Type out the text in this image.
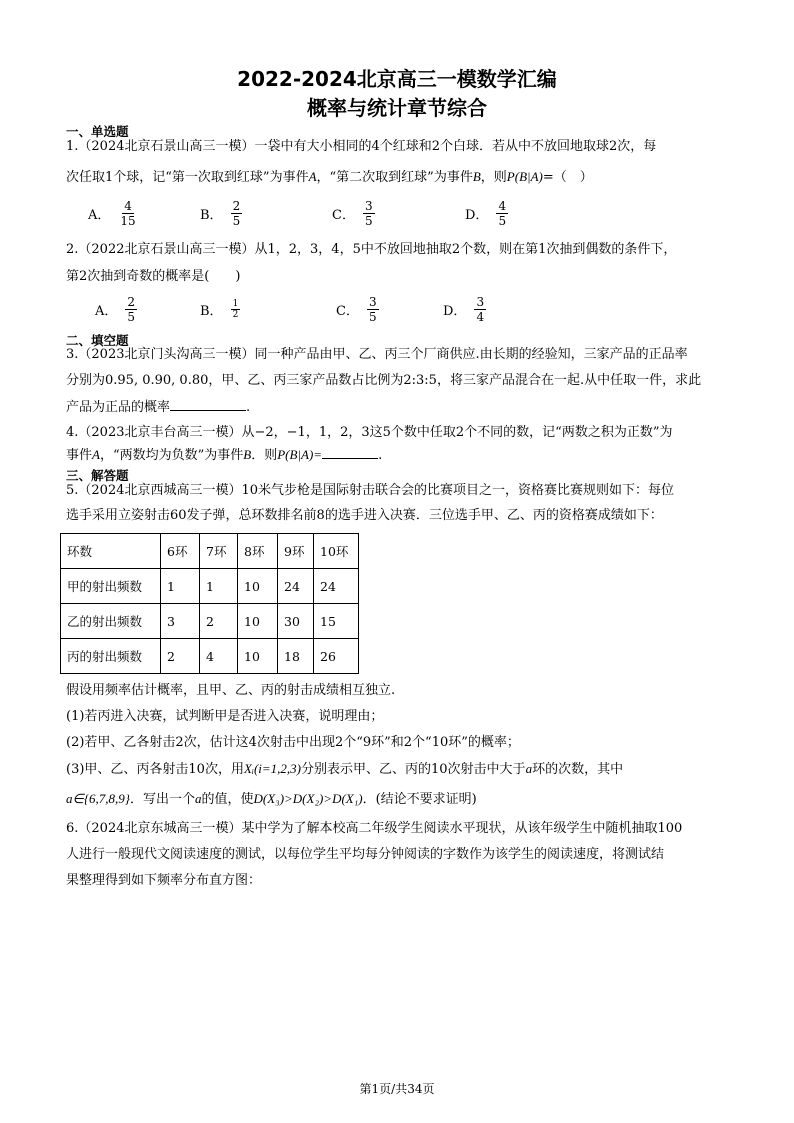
2022-2024北京高三一模数学汇编
概率与统计章节综合
一、单选题
1.（2024北京石景山高三一模）一袋中有大小相同的4个红球和2个白球．若从中不放回地取球2次，每
次任取1个球，记“第一次取到红球”为事件A，“第二次取到红球”为事件B，则P(B|A)=（　）
A． $\frac{4}{15}$	B． $\frac{2}{5}$	C． $\frac{3}{5}$	D． $\frac{4}{5}$
2.（2022北京石景山高三一模）从1，2，3，4，5中不放回地抽取2个数，则在第1次抽到偶数的条件下，
第2次抽到奇数的概率是(　　)
A． $\frac{2}{5}$	B． $\frac{1}{2}$	C． $\frac{3}{5}$	D． $\frac{3}{4}$
二、填空题
3.（2023北京门头沟高三一模）同一种产品由甲、乙、丙三个厂商供应.由长期的经验知，三家产品的正品率
分别为0.95, 0.90, 0.80，甲、乙、丙三家产品数占比例为2:3:5，将三家产品混合在一起.从中任取一件，求此
产品为正品的概率	.
4.（2023北京丰台高三一模）从−2，−1，1，2，3这5个数中任取2个不同的数，记“两数之积为正数”为
事件A，“两数均为负数”为事件B．则P(B|A)=	.
三、解答题
5.（2024北京西城高三一模）10米气步枪是国际射击联合会的比赛项目之一，资格赛比赛规则如下：每位
选手采用立姿射击60发子弹，总环数排名前8的选手进入决赛．三位选手甲、乙、丙的资格赛成绩如下：
环数	6环	7环	8环	9环	10环
甲的射出频数	1	1	10	24	24
乙的射出频数	3	2	10	30	15
丙的射出频数	2	4	10	18	26
假设用频率估计概率，且甲、乙、丙的射击成绩相互独立.
(1)若丙进入决赛，试判断甲是否进入决赛，说明理由；
(2)若甲、乙各射击2次，估计这4次射击中出现2个“9环”和2个“10环”的概率；
(3)甲、乙、丙各射击10次，用Xᵢ(i=1,2,3)分别表示甲、乙、丙的10次射击中大于a环的次数，其中
a∈{6,7,8,9}．写出一个a的值，使D(X₃)>D(X₂)>D(X₁)．(结论不要求证明)
6.（2024北京东城高三一模）某中学为了解本校高二年级学生阅读水平现状，从该年级学生中随机抽取100
人进行一般现代文阅读速度的测试，以每位学生平均每分钟阅读的字数作为该学生的阅读速度，将测试结
果整理得到如下频率分布直方图：
第1页/共34页
